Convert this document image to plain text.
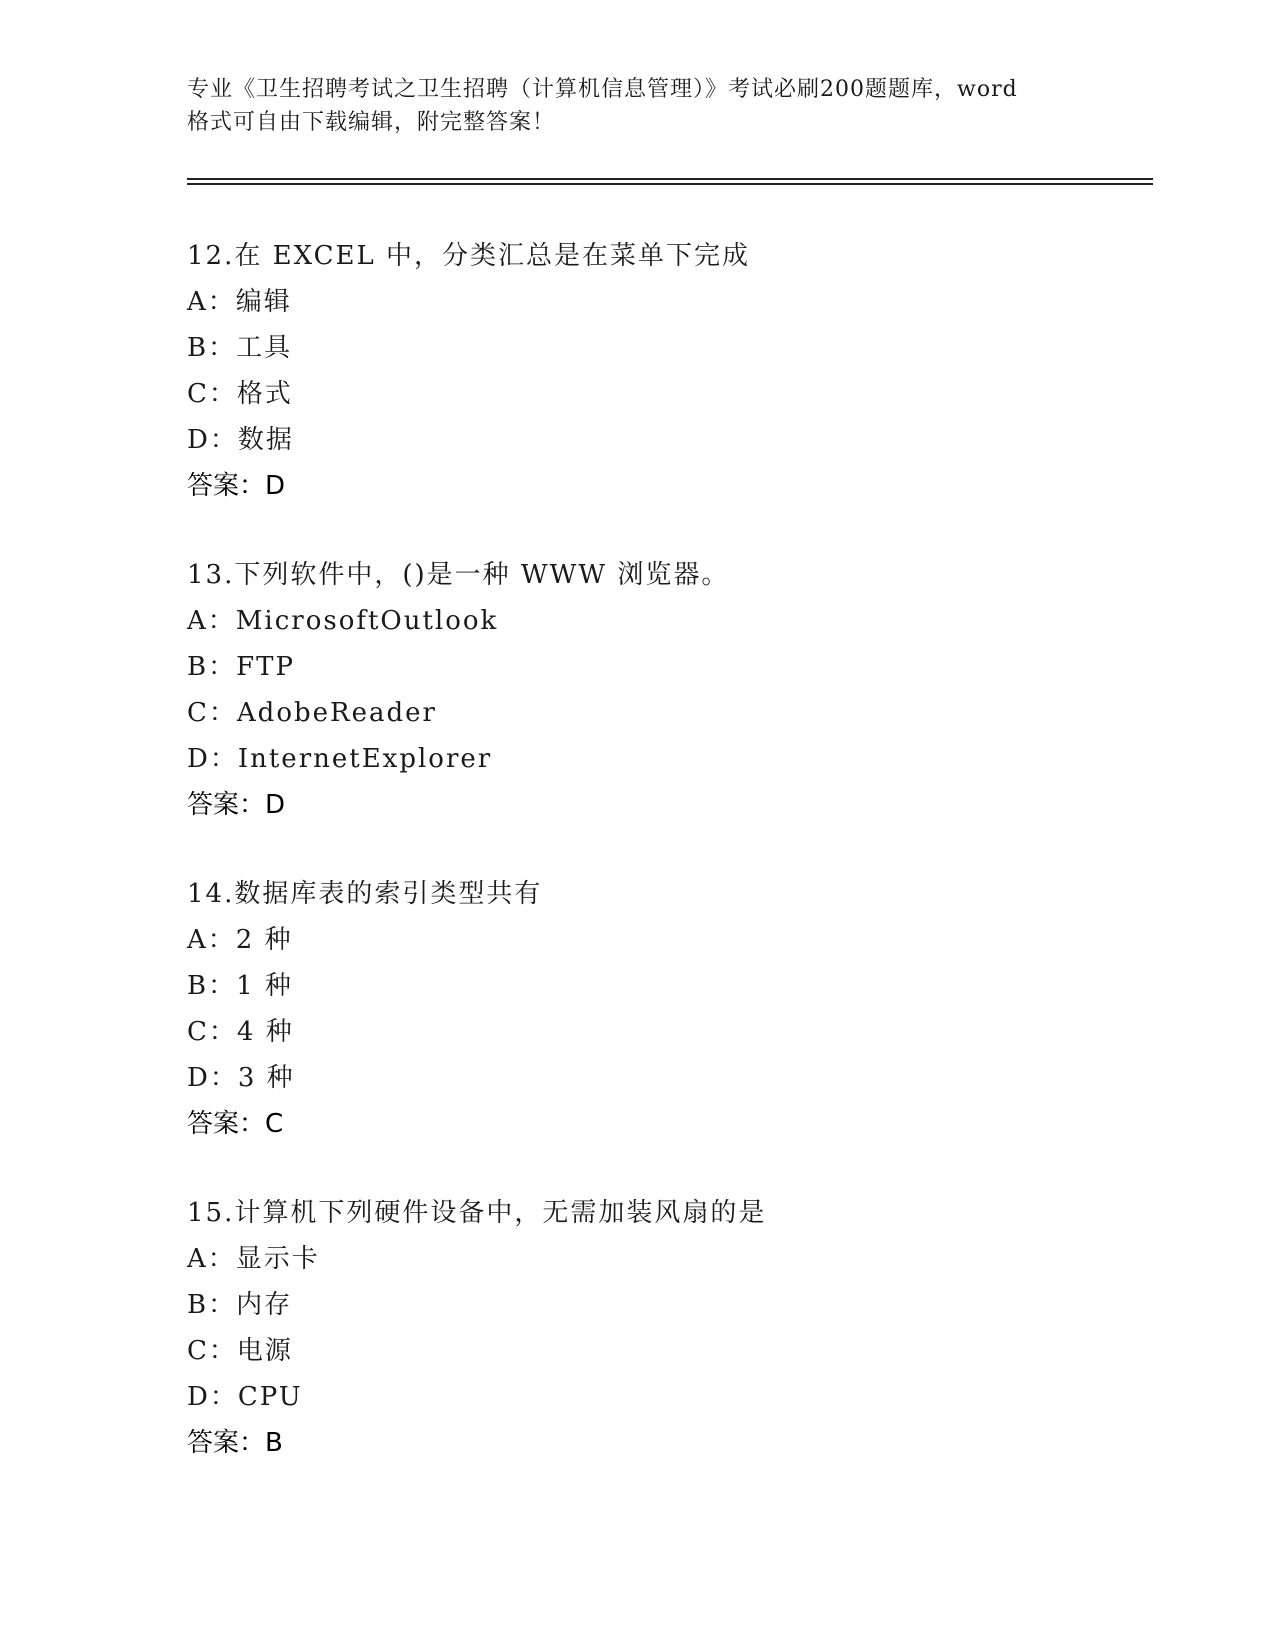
专业《卫生招聘考试之卫生招聘（计算机信息管理）》考试必刷200题题库，word
格式可自由下载编辑，附完整答案！
12.在 EXCEL 中，分类汇总是在菜单下完成
A：编辑
B：工具
C：格式
D：数据
答案：D
13.下列软件中，()是一种 WWW 浏览器。
A：MicrosoftOutlook
B：FTP
C：AdobeReader
D：InternetExplorer
答案：D
14.数据库表的索引类型共有
A：2 种
B：1 种
C：4 种
D：3 种
答案：C
15.计算机下列硬件设备中，无需加装风扇的是
A：显示卡
B：内存
C：电源
D：CPU
答案：B
